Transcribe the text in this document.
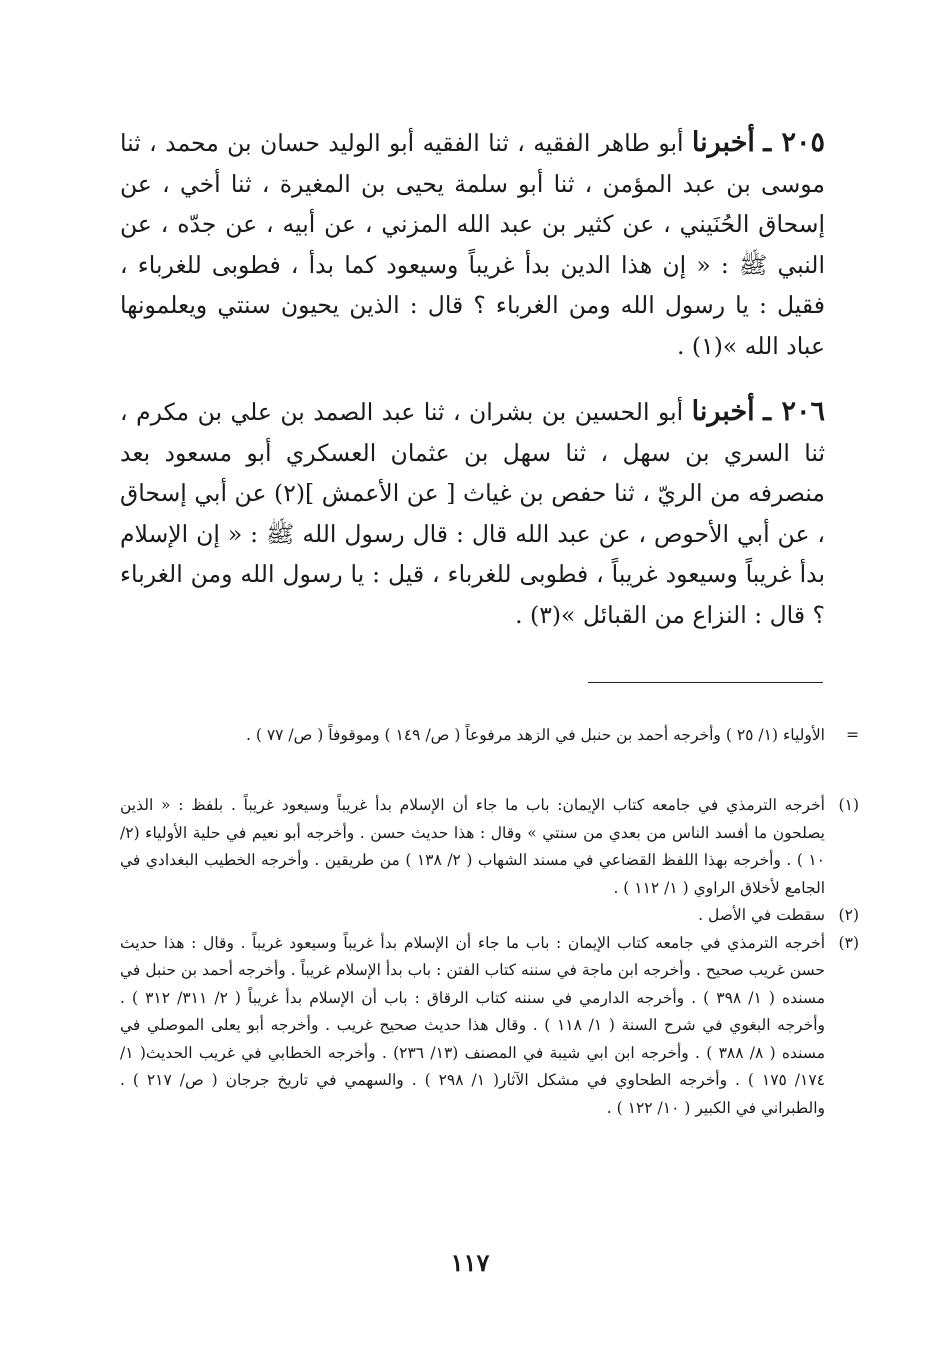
٢٠٥ ـ أخبرنا أبو طاهر الفقيه ، ثنا الفقيه أبو الوليد حسان بن محمد ، ثنا موسى بن عبد المؤمن ، ثنا أبو سلمة يحيى بن المغيرة ، ثنا أخي ، عن إسحاق الحُنَيني ، عن كثير بن عبد الله المزني ، عن أبيه ، عن جدّه ، عن النبي ﷺ : « إن هذا الدين بدأ غريباً وسيعود كما بدأ ، فطوبى للغرباء ، فقيل : يا رسول الله ومن الغرباء ؟ قال : الذين يحيون سنتي ويعلمونها عباد الله »(١) .
٢٠٦ ـ أخبرنا أبو الحسين بن بشران ، ثنا عبد الصمد بن علي بن مكرم ، ثنا السري بن سهل ، ثنا سهل بن عثمان العسكري أبو مسعود بعد منصرفه من الريّ ، ثنا حفص بن غياث [ عن الأعمش ](٢) عن أبي إسحاق ، عن أبي الأحوص ، عن عبد الله قال : قال رسول الله ﷺ : « إن الإسلام بدأ غريباً وسيعود غريباً ، فطوبى للغرباء ، قيل : يا رسول الله ومن الغرباء ؟ قال : النزاع من القبائل »(٣) .
=
الأولياء (١/ ٢٥ ) وأخرجه أحمد بن حنبل في الزهد مرفوعاً ( ص/ ١٤٩ ) وموقوفاً ( ص/ ٧٧ ) .
(١)
أخرجه الترمذي في جامعه كتاب الإيمان: باب ما جاء أن الإسلام بدأ غريباً وسيعود غريباً . بلفظ : « الذين يصلحون ما أفسد الناس من بعدي من سنتي » وقال : هذا حديث حسن . وأخرجه أبو نعيم في حلية الأولياء (٢/ ١٠ ) . وأخرجه بهذا اللفظ القضاعي في مسند الشهاب ( ٢/ ١٣٨ ) من طريقين . وأخرجه الخطيب البغدادي في الجامع لأخلاق الراوي ( ١/ ١١٢ ) .
(٢)
سقطت في الأصل .
(٣)
أخرجه الترمذي في جامعه كتاب الإيمان : باب ما جاء أن الإسلام بدأ غريباً وسيعود غريباً . وقال : هذا حديث حسن غريب صحيح . وأخرجه ابن ماجة في سننه كتاب الفتن : باب بدأ الإسلام غريباً . وأخرجه أحمد بن حنبل في مسنده ( ١/ ٣٩٨ ) . وأخرجه الدارمي في سننه كتاب الرقاق : باب أن الإسلام بدأ غريباً ( ٢/ ٣١١/ ٣١٢ ) . وأخرجه البغوي في شرح السنة ( ١/ ١١٨ ) . وقال هذا حديث صحيح غريب . وأخرجه أبو يعلى الموصلي في مسنده ( ٨/ ٣٨٨ ) . وأخرجه ابن ابي شيبة في المصنف (١٣/ ٢٣٦) . وأخرجه الخطابي في غريب الحديث( ١/ ١٧٤/ ١٧٥ ) . وأخرجه الطحاوي في مشكل الآثار( ١/ ٢٩٨ ) . والسهمي في تاريخ جرجان ( ص/ ٢١٧ ) . والطبراني في الكبير ( ١٠/ ١٢٢ ) .
١١٧
